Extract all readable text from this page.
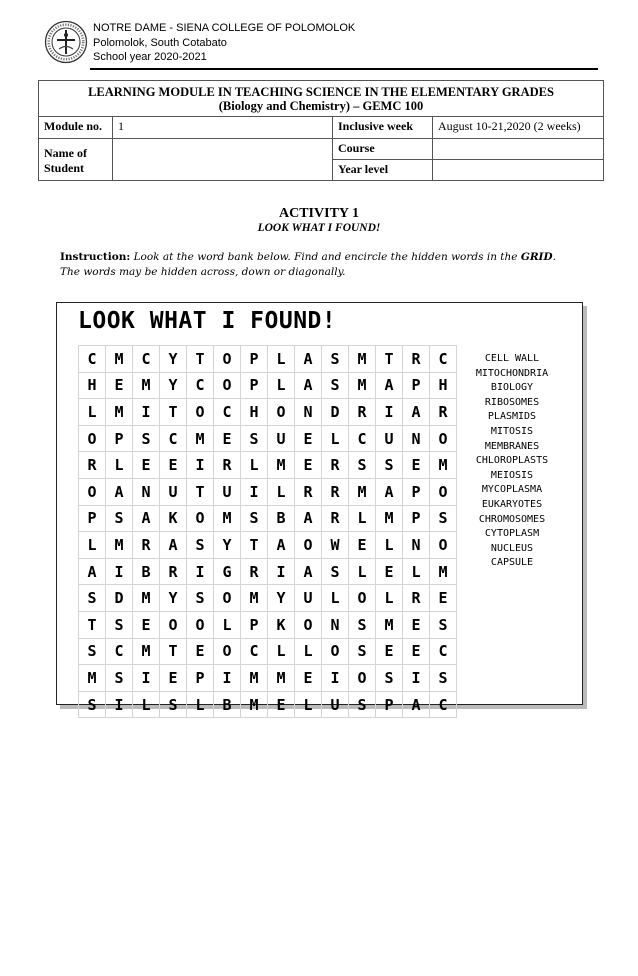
NOTRE DAME - SIENA COLLEGE OF POLOMOLOK
Polomolok, South Cotabato
School year 2020-2021
LEARNING MODULE IN TEACHING SCIENCE IN THE ELEMENTARY GRADES
(Biology and Chemistry) – GEMC 100			

Module no.	1	Inclusive week	August 10-21,2020 (2 weeks)
Name of Student		Course	
		Year level	
ACTIVITY 1
LOOK WHAT I FOUND!
Instruction: Look at the word bank below. Find and encircle the hidden words in the GRID. The words may be hidden across, down or diagonally.
LOOK WHAT I FOUND!
C	M	C	Y	T	O	P	L	A	S	M	T	R	C
H	E	M	Y	C	O	P	L	A	S	M	A	P	H
L	M	I	T	O	C	H	O	N	D	R	I	A	R
O	P	S	C	M	E	S	U	E	L	C	U	N	O
R	L	E	E	I	R	L	M	E	R	S	S	E	M
O	A	N	U	T	U	I	L	R	R	M	A	P	O
P	S	A	K	O	M	S	B	A	R	L	M	P	S
L	M	R	A	S	Y	T	A	O	W	E	L	N	O
A	I	B	R	I	G	R	I	A	S	L	E	L	M
S	D	M	Y	S	O	M	Y	U	L	O	L	R	E
T	S	E	O	O	L	P	K	O	N	S	M	E	S
S	C	M	T	E	O	C	L	L	O	S	E	E	C
M	S	I	E	P	I	M	M	E	I	O	S	I	S
S	I	L	S	L	B	M	E	L	U	S	P	A	C
CELL WALL
MITOCHONDRIA
BIOLOGY
RIBOSOMES
PLASMIDS
MITOSIS
MEMBRANES
CHLOROPLASTS
MEIOSIS
MYCOPLASMA
EUKARYOTES
CHROMOSOMES
CYTOPLASM
NUCLEUS
CAPSULE
